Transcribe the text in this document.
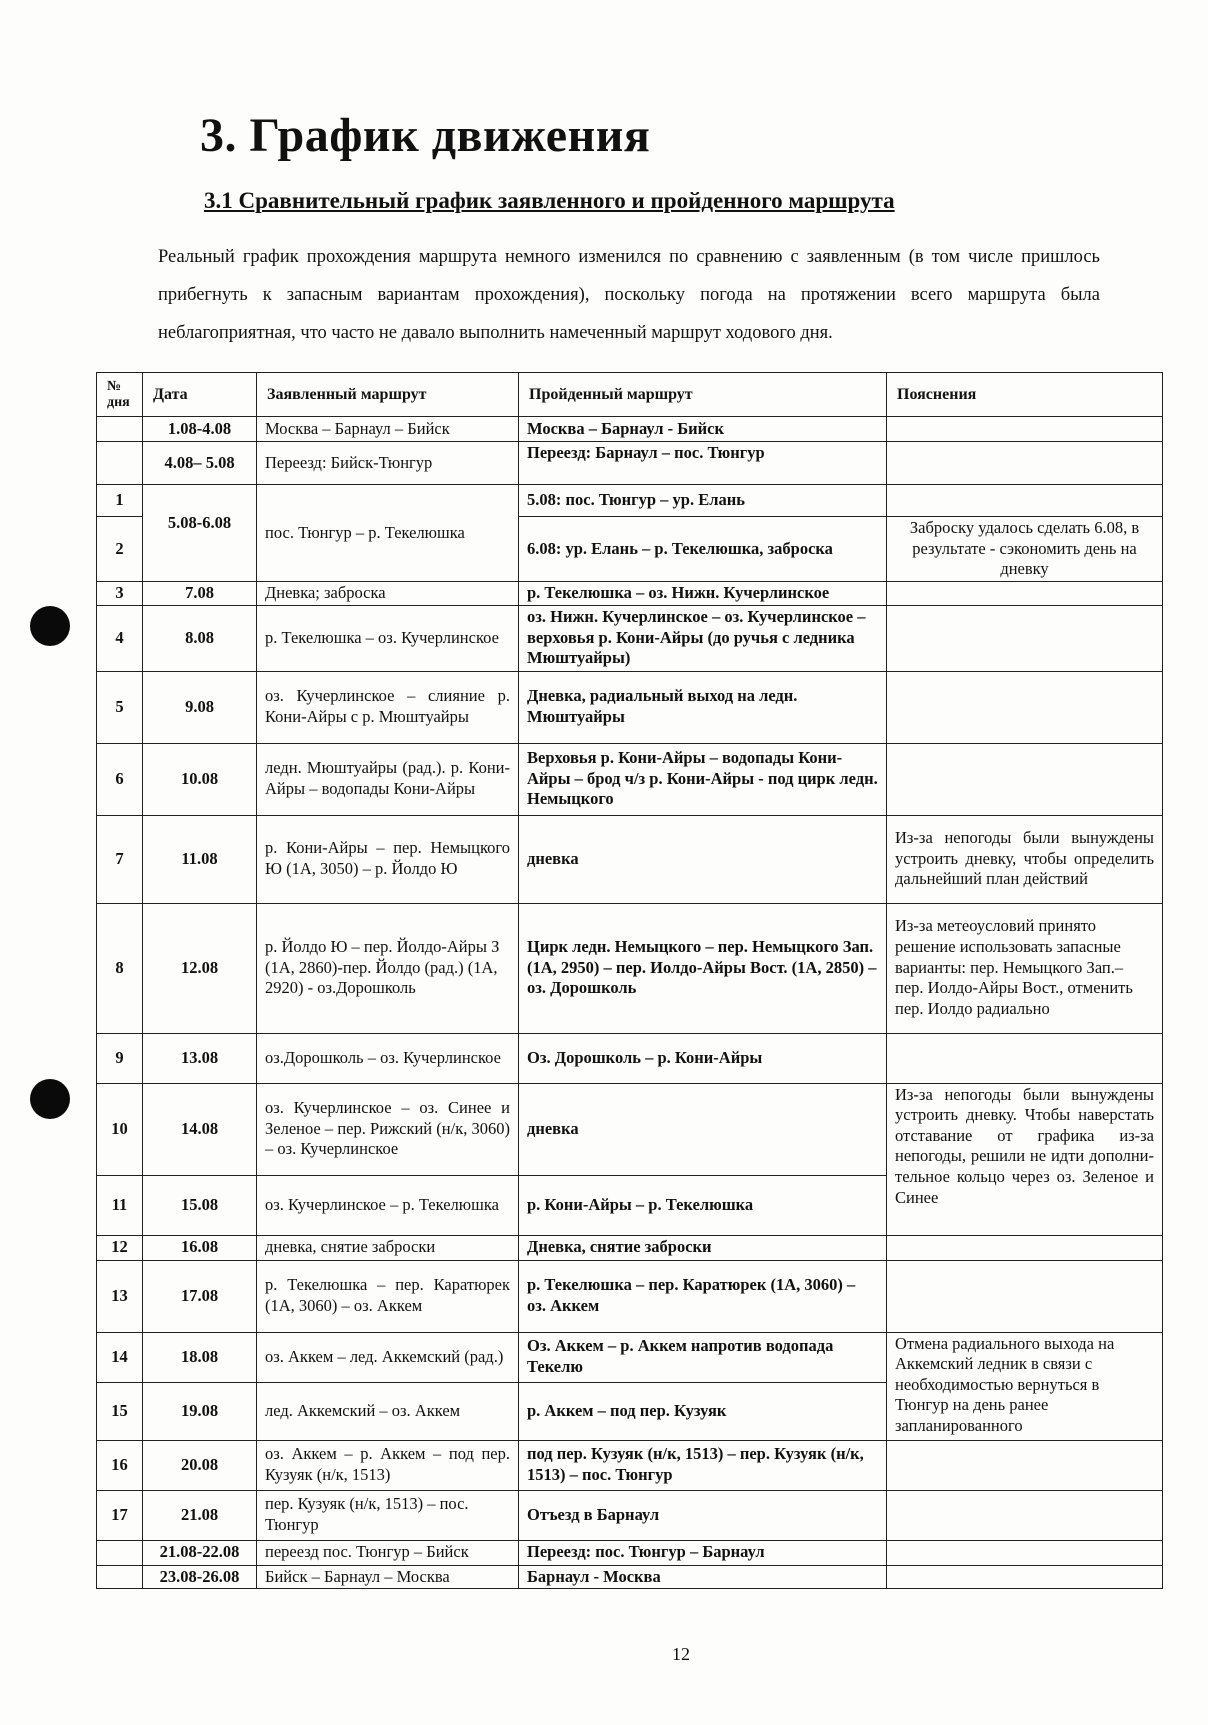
3. График движения
3.1 Сравнительный график заявленного и пройденного маршрута
Реальный график прохождения маршрута немного изменился по сравнению с заявленным (в том числе пришлось прибегнуть к запасным вариантам прохождения), поскольку погода на протяжении всего маршрута была неблагоприятная, что часто не давало выполнить намеченный маршрут ходового дня.
№ дня	Дата	Заявленный маршрут	Пройденный маршрут	Пояснения
	1.08-4.08	Москва – Барнаул – Бийск	Москва – Барнаул - Бийск	
	4.08– 5.08	Переезд: Бийск-Тюнгур	Переезд: Барнаул – пос. Тюнгур	
1	5.08-6.08	пос. Тюнгур – р. Текелюшка	5.08: пос. Тюнгур – ур. Елань	
2			6.08: ур. Елань – р. Текелюшка, заброска	Заброску удалось сделать 6.08, в результате - сэкономить день на дневку
3	7.08	Дневка; заброска	р. Текелюшка – оз. Нижн. Кучерлинское	
4	8.08	р. Текелюшка – оз. Кучерлинское	оз. Нижн. Кучерлинское – оз. Кучерлинское – верховья р. Кони-Айры (до ручья с ледника Мюштуайры)	
5	9.08	оз. Кучерлинское – слияние р. Кони-Айры с р. Мюштуайры	Дневка, радиальный выход на ледн. Мюштуайры	
6	10.08	ледн. Мюштуайры (рад.). р. Кони-Айры – водопады Кони-Айры	Верховья р. Кони-Айры – водопады Кони-Айры – брод ч/з р. Кони-Айры - под цирк ледн. Немыцкого	
7	11.08	р. Кони-Айры – пер. Немыцкого Ю (1А, 3050) – р. Йолдо Ю	дневка	Из-за непогоды были вынуждены устроить дневку, чтобы определить дальнейший план действий
8	12.08	р. Йолдо Ю – пер. Йолдо-Айры З (1А, 2860)-пер. Йолдо (рад.) (1А, 2920) - оз.Дорошколь	Цирк ледн. Немыцкого – пер. Немыцкого Зап. (1А, 2950) – пер. Иолдо-Айры Вост. (1А, 2850) – оз. Дорошколь	Из-за метеоусловий принято решение использовать запасные варианты: пер. Немыцкого Зап.– пер. Иолдо-Айры Вост., отменить пер. Иолдо радиально
9	13.08	оз.Дорошколь – оз. Кучерлинское	Оз. Дорошколь – р. Кони-Айры	
10	14.08	оз. Кучерлинское – оз. Синее и Зеленое – пер. Рижский (н/к, 3060) – оз. Кучерлинское	дневка	Из-за непогоды были вынуждены устроить дневку. Чтобы наверстать отставание от графика из-за непогоды, решили не идти дополни-тельное кольцо через оз. Зеленое и Синее
11	15.08	оз. Кучерлинское – р. Текелюшка	р. Кони-Айры – р. Текелюшка	
12	16.08	дневка, снятие заброски	Дневка, снятие заброски	
13	17.08	р. Текелюшка – пер. Каратюрек (1А, 3060) – оз. Аккем	р. Текелюшка – пер. Каратюрек (1А, 3060) – оз. Аккем	
14	18.08	оз. Аккем – лед. Аккемский (рад.)	Оз. Аккем – р. Аккем напротив водопада Текелю	Отмена радиального выхода на Аккемский ледник в связи с необходимостью вернуться в Тюнгур на день ранее запланированного
15	19.08	лед. Аккемский – оз. Аккем	р. Аккем – под пер. Кузуяк	
16	20.08	оз. Аккем – р. Аккем – под пер. Кузуяк (н/к, 1513)	под пер. Кузуяк (н/к, 1513) – пер. Кузуяк (н/к, 1513) – пос. Тюнгур	
17	21.08	пер. Кузуяк (н/к, 1513) – пос. Тюнгур	Отъезд в Барнаул	
	21.08-22.08	переезд пос. Тюнгур – Бийск	Переезд: пос. Тюнгур – Барнаул	
	23.08-26.08	Бийск – Барнаул – Москва	Барнаул - Москва	
12
